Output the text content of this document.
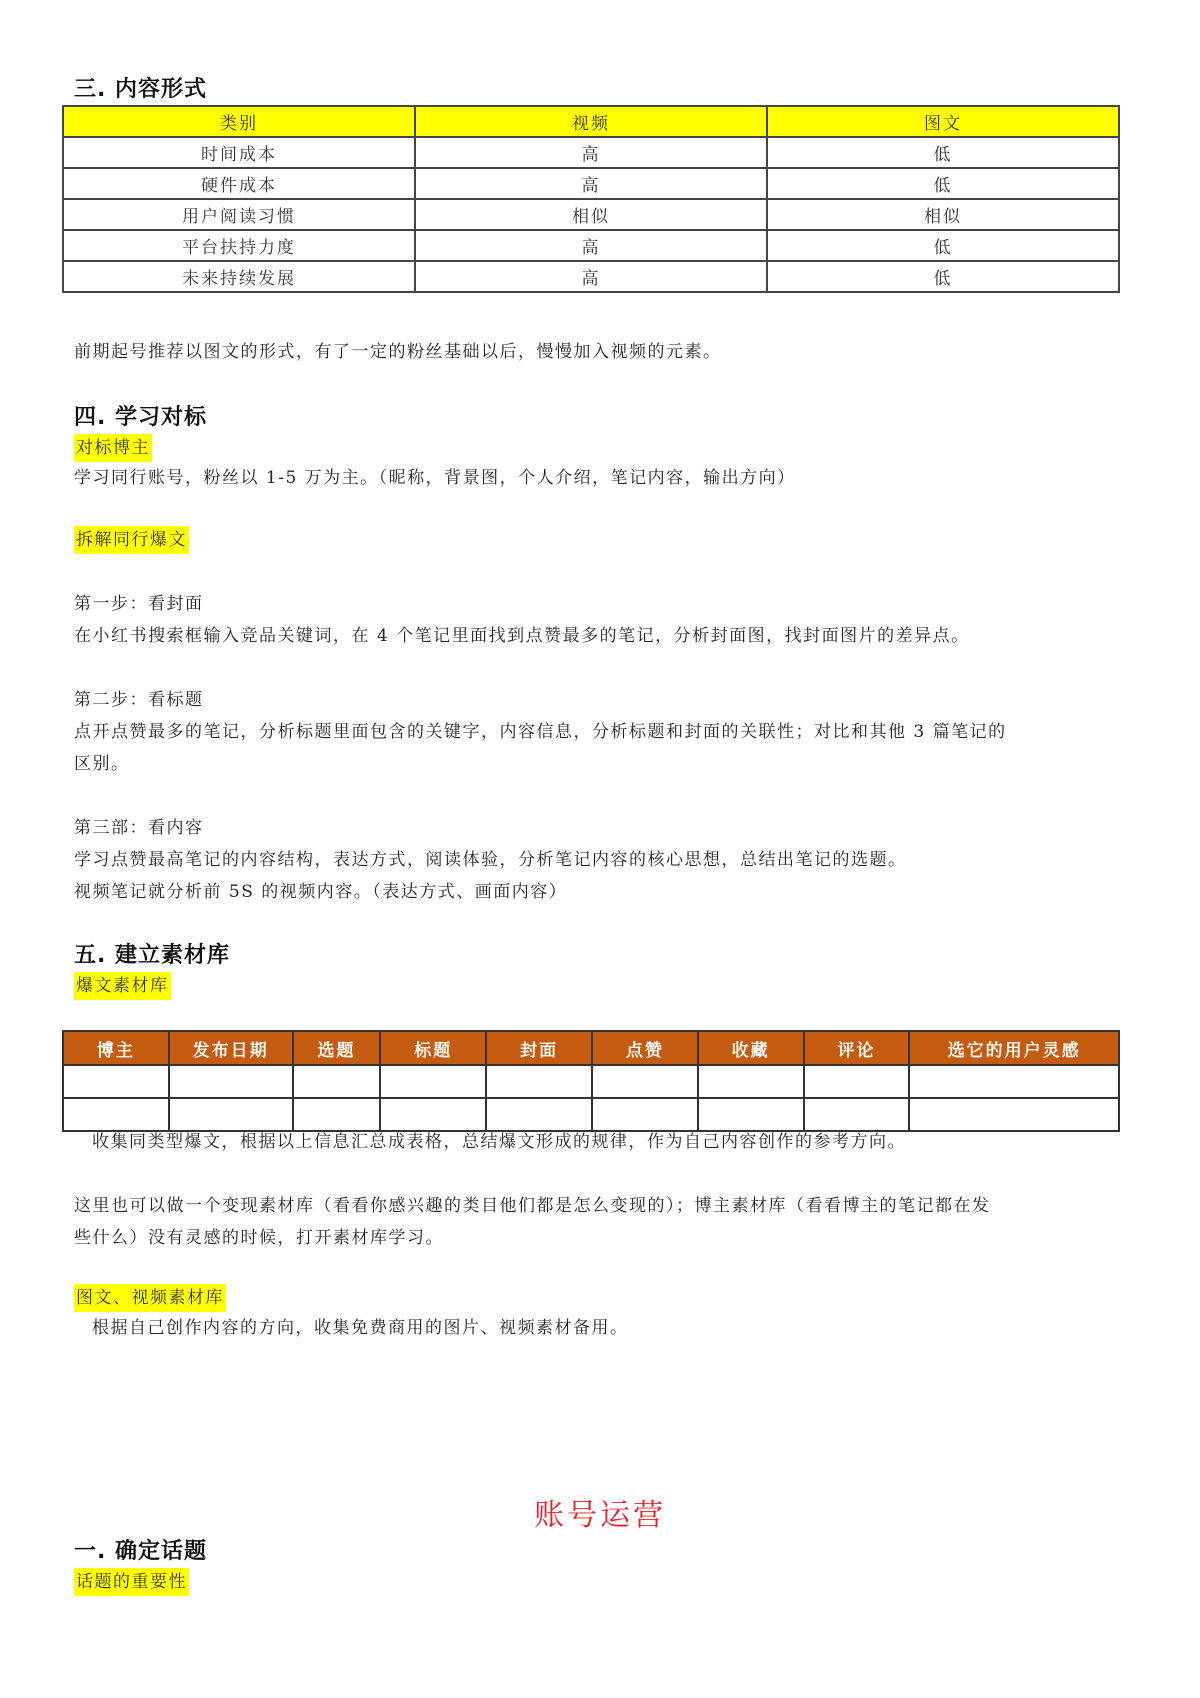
三. 内容形式
类别	视频	图文
时间成本	高	低
硬件成本	高	低
用户阅读习惯	相似	相似
平台扶持力度	高	低
未来持续发展	高	低
前期起号推荐以图文的形式，有了一定的粉丝基础以后，慢慢加入视频的元素。
四. 学习对标
对标博主
学习同行账号，粉丝以 1-5 万为主。（昵称，背景图，个人介绍，笔记内容，输出方向）
拆解同行爆文
第一步：看封面
在小红书搜索框输入竞品关键词，在 4 个笔记里面找到点赞最多的笔记，分析封面图，找封面图片的差异点。
第二步：看标题
点开点赞最多的笔记，分析标题里面包含的关键字，内容信息，分析标题和封面的关联性；对比和其他 3 篇笔记的
区别。
第三部：看内容
学习点赞最高笔记的内容结构，表达方式，阅读体验，分析笔记内容的核心思想，总结出笔记的选题。
视频笔记就分析前 5S 的视频内容。（表达方式、画面内容）
五. 建立素材库
爆文素材库
博主	发布日期	选题	标题	封面	点赞	收藏	评论	选它的用户灵感

收集同类型爆文，根据以上信息汇总成表格，总结爆文形成的规律，作为自己内容创作的参考方向。
这里也可以做一个变现素材库（看看你感兴趣的类目他们都是怎么变现的）；博主素材库（看看博主的笔记都在发
些什么）没有灵感的时候，打开素材库学习。
图文、视频素材库
根据自己创作内容的方向，收集免费商用的图片、视频素材备用。
账号运营
一. 确定话题
话题的重要性
